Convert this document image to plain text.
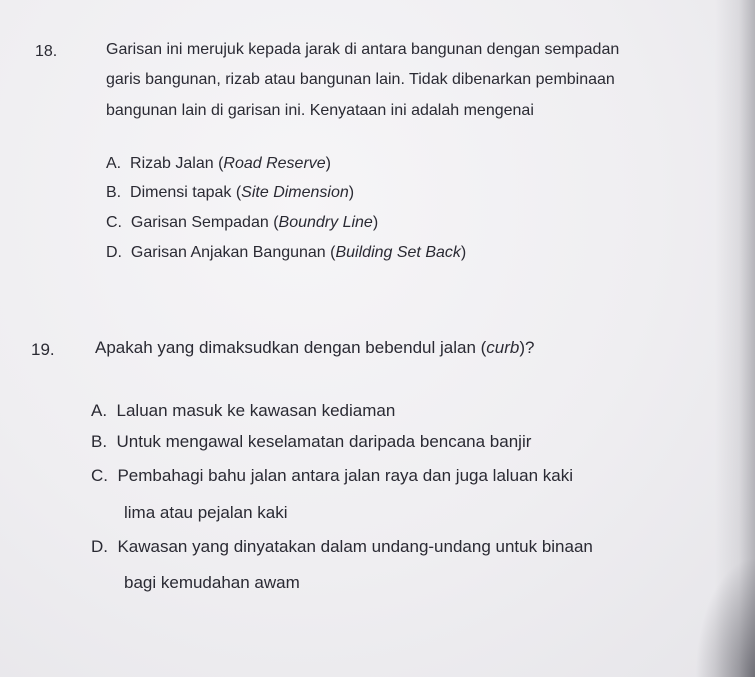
18.	Garisan ini merujuk kepada jarak di antara bangunan dengan sempadan
garis bangunan, rizab atau bangunan lain. Tidak dibenarkan pembinaan
bangunan lain di garisan ini. Kenyataan ini adalah mengenai
A. Rizab Jalan (Road Reserve)
B. Dimensi tapak (Site Dimension)
C. Garisan Sempadan (Boundry Line)
D. Garisan Anjakan Bangunan (Building Set Back)
19. Apakah yang dimaksudkan dengan bebendul jalan (curb)?
A. Laluan masuk ke kawasan kediaman
B. Untuk mengawal keselamatan daripada bencana banjir
C. Pembahagi bahu jalan antara jalan raya dan juga laluan kaki
lima atau pejalan kaki
D. Kawasan yang dinyatakan dalam undang-undang untuk binaan
bagi kemudahan awam
